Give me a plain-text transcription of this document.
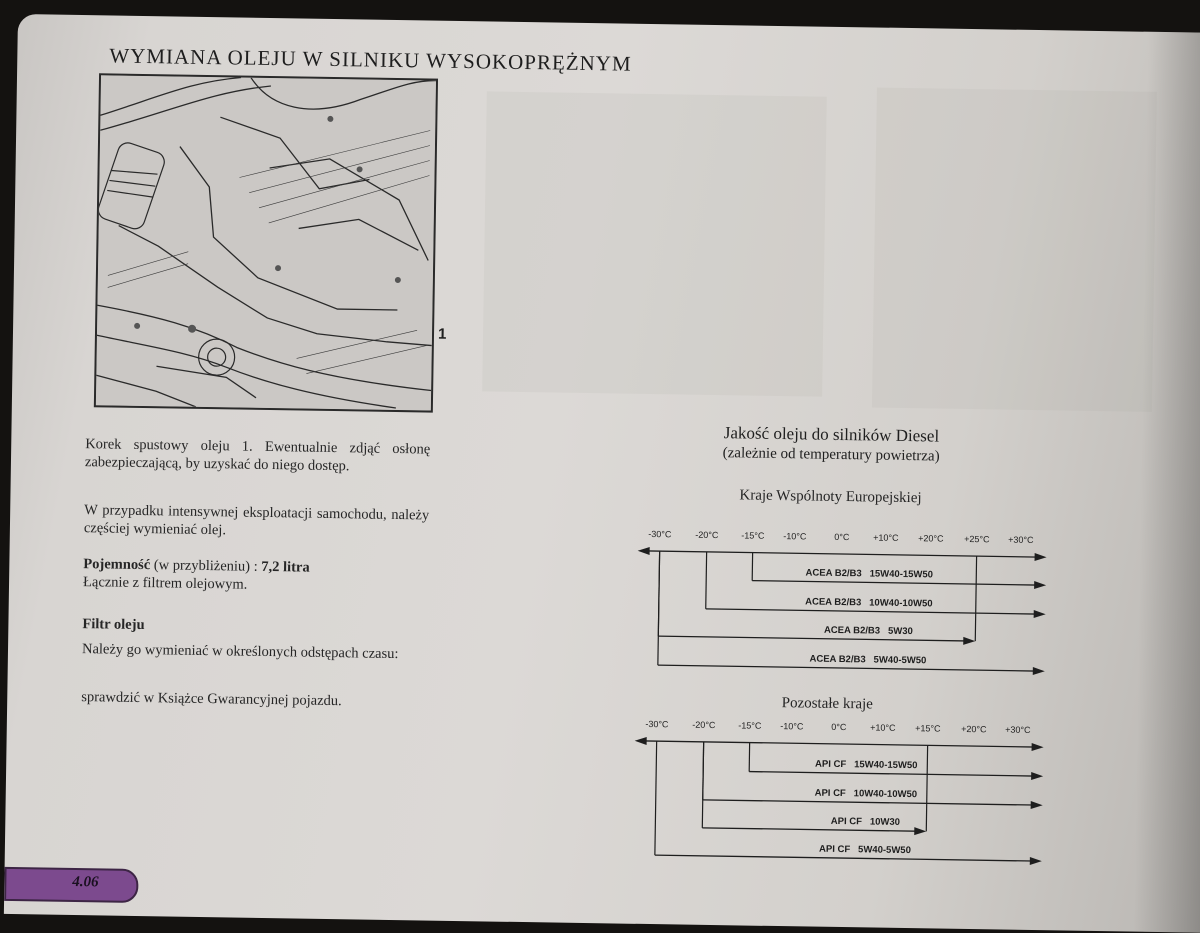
WYMIANA OLEJU W SILNIKU WYSOKOPRĘŻNYM
1
Korek spustowy oleju 1. Ewentualnie zdjąć osłonę zabezpieczającą, by uzyskać do niego dostęp.
W przypadku intensywnej eksploatacji samochodu, należy częściej wymieniać olej.
Pojemność (w przybliżeniu) : 7,2 litra
Łącznie z filtrem olejowym.
Filtr oleju
Należy go wymieniać w określonych odstępach czasu:
sprawdzić w Książce Gwarancyjnej pojazdu.
Jakość oleju do silników Diesel
(zależnie od temperatury powietrza)
Kraje Wspólnoty Europejskiej
Pozostałe kraje
-30°C	-20°C	-15°C -10°C	0°C	+10°C +20°C +25°C +30°C
ACEA B2/B3   15W40-15W50
ACEA B2/B3   10W40-10W50
ACEA B2/B3   5W30
ACEA B2/B3   5W40-5W50
-30°C	-20°C	-15°C -10°C	0°C	+10°C +15°C +20°C +30°C
API CF   15W40-15W50
API CF   10W40-10W50
API CF   10W30
API CF   5W40-5W50
4.06
